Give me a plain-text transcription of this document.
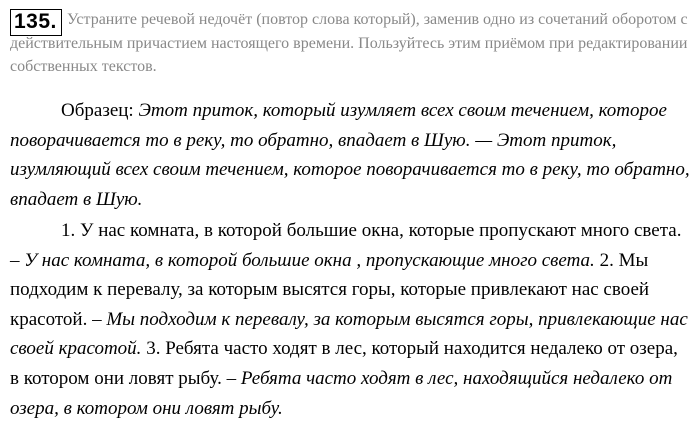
135. Устраните речевой недочёт (повтор слова который), заменив одно из сочетаний оборотом с действительным причастием настоящего времени. Пользуйтесь этим приёмом при редактировании собственных текстов.

Образец: Этот приток, который изумляет всех своим течением, которое поворачивается то в реку, то обратно, впадает в Шую. — Этот приток, изумляющий всех своим течением, которое поворачивается то в реку, то обратно, впадает в Шую.

1. У нас комната, в которой большие окна, которые пропускают много света. – У нас комната, в которой большие окна , пропускающие много света. 2. Мы подходим к перевалу, за которым высятся горы, которые привлекают нас своей красотой. – Мы подходим к перевалу, за которым высятся горы, привлекающие нас своей красотой. 3. Ребята часто ходят в лес, который находится недалеко от озера, в котором они ловят рыбу. – Ребята часто ходят в лес, находящийся недалеко от озера, в котором они ловят рыбу.
